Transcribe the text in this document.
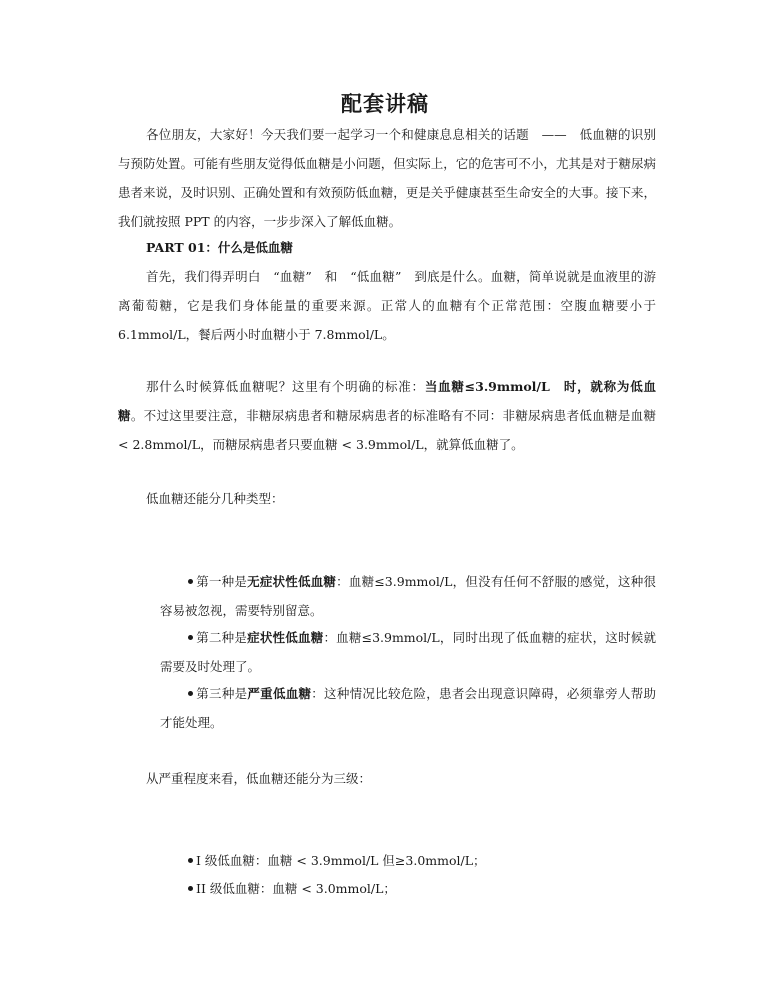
配套讲稿
各位朋友，大家好！今天我们要一起学习一个和健康息息相关的话题　——　低血糖的识别与预防处置。可能有些朋友觉得低血糖是小问题，但实际上，它的危害可不小，尤其是对于糖尿病患者来说，及时识别、正确处置和有效预防低血糖，更是关乎健康甚至生命安全的大事。接下来，我们就按照 PPT 的内容，一步步深入了解低血糖。
PART 01：什么是低血糖
首先，我们得弄明白　“血糖”　和　“低血糖”　到底是什么。血糖，简单说就是血液里的游离葡萄糖，它是我们身体能量的重要来源。正常人的血糖有个正常范围：空腹血糖要小于 6.1mmol/L，餐后两小时血糖小于 7.8mmol/L。
那什么时候算低血糖呢？这里有个明确的标准：当血糖≤3.9mmol/L　时，就称为低血糖。不过这里要注意，非糖尿病患者和糖尿病患者的标准略有不同：非糖尿病患者低血糖是血糖 < 2.8mmol/L，而糖尿病患者只要血糖 < 3.9mmol/L，就算低血糖了。
低血糖还能分几种类型：
第一种是无症状性低血糖：血糖≤3.9mmol/L，但没有任何不舒服的感觉，这种很容易被忽视，需要特别留意。
第二种是症状性低血糖：血糖≤3.9mmol/L，同时出现了低血糖的症状，这时候就需要及时处理了。
第三种是严重低血糖：这种情况比较危险，患者会出现意识障碍，必须靠旁人帮助才能处理。
从严重程度来看，低血糖还能分为三级：
I 级低血糖：血糖 < 3.9mmol/L 但≥3.0mmol/L；
II 级低血糖：血糖 < 3.0mmol/L；
